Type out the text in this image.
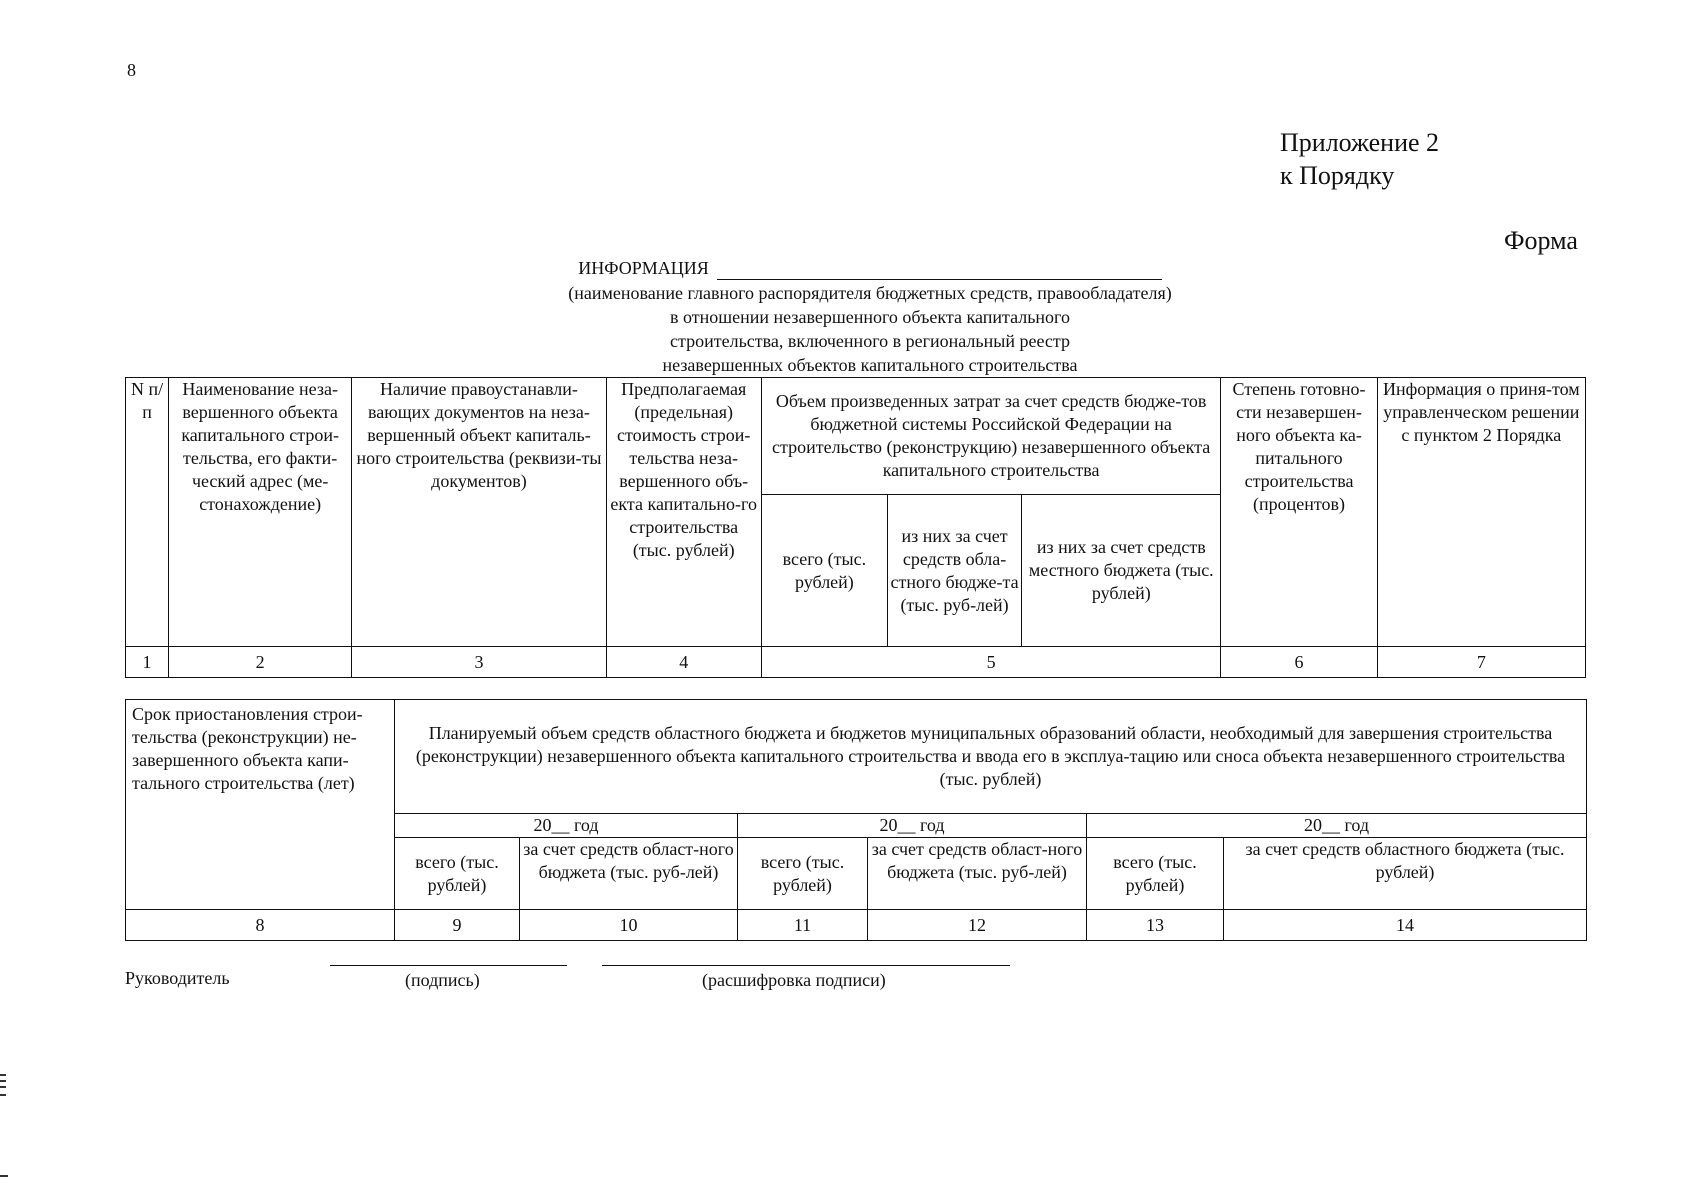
8
Приложение 2
к Порядку
Форма
ИНФОРМАЦИЯ
(наименование главного распорядителя бюджетных средств, правообладателя)
в отношении незавершенного объекта капитального
строительства, включенного в региональный реестр
незавершенных объектов капитального строительства
N п/п	Наименование неза-вершенного объекта капитального строи-тельства, его факти-ческий адрес (ме-стонахождение)	Наличие правоустанавли-вающих документов на неза-вершенный объект капиталь-ного строительства (реквизи-ты документов)	Предполагаемая (предельная) стоимость строи-тельства неза-вершенного объ-екта капитально-го строительства (тыс. рублей)	Объем произведенных затрат за счет средств бюдже-тов бюджетной системы Российской Федерации на строительство (реконструкцию) незавершенного объекта капитального строительства			Степень готовно-сти незавершен-ного объекта ка-питального строительства (процентов)	Информация о приня-том управленческом решении с пунктом 2 Порядка
				всего (тыс. рублей)	из них за счет средств обла-стного бюдже-та (тыс. руб-лей)	из них за счет средств местного бюджета (тыс. рублей)		
1	2	3	4	5			6	7
Срок приостановления строи-тельства (реконструкции) не-завершенного объекта капи-тального строительства (лет)	Планируемый объем средств областного бюджета и бюджетов муниципальных образований области, необходимый для завершения строительства (реконструкции) незавершенного объекта капитального строительства и ввода его в эксплуа-тацию или сноса объекта незавершенного строительства (тыс. рублей)					
	20__ год		20__ год		20__ год	
	всего (тыс. рублей)	за счет средств област-ного бюджета (тыс. руб-лей)	всего (тыс. рублей)	за счет средств област-ного бюджета (тыс. руб-лей)	всего (тыс. рублей)	за счет средств областного бюджета (тыс. рублей)
8	9	10	11	12	13	14
Руководитель	(подпись)	(расшифровка подписи)
